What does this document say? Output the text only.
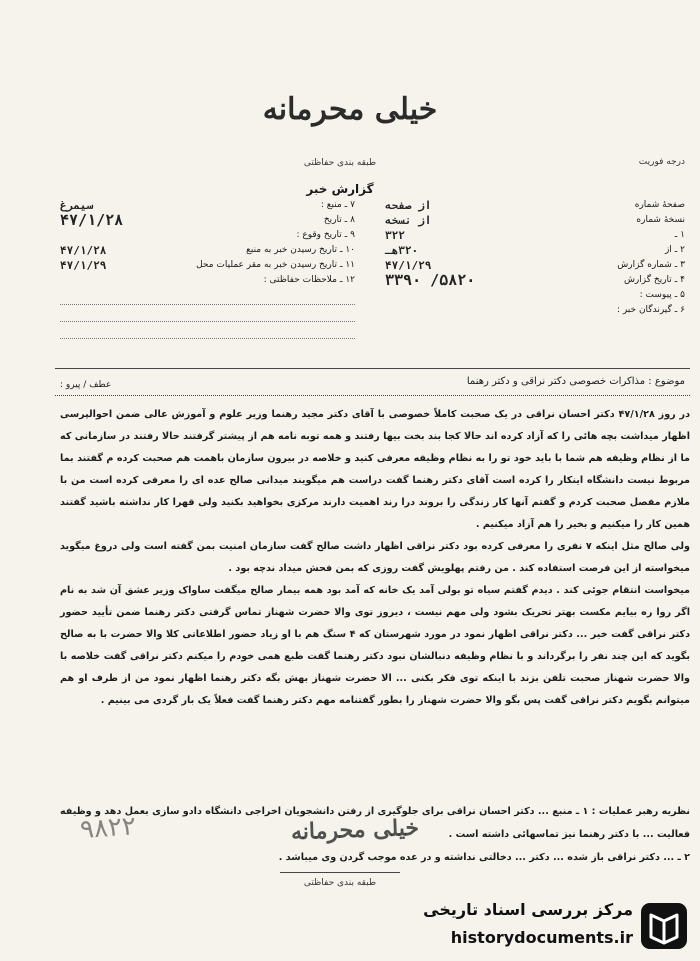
خیلی محرمانه
طبقه بندی حفاظتی
گزارش خبر
درجه فوریت
۷ ـ منبع :
سیمرغ
۸ ـ تاریخ
۴۷/۱/۲۸
۹ ـ تاریخ وقوع :
۱۰ ـ تاریخ رسیدن خبر به منبع
۴۷/۱/۲۸
۱۱ ـ تاریخ رسیدن خبر به مقر عملیات محل
۴۷/۱/۲۹
۱۲ ـ ملاحظات حفاظتی :
صفحهٔ شماره
از صفحه
نسخهٔ شماره
از نسخه
۱ ـ
۳۲۲
۲ ـ از
۳۲۰هـ
۳ ـ شماره گزارش
۴۷/۱/۲۹
۴ ـ تاریخ گزارش
۵۸۲۰/ ۳۳۹۰
۵ ـ پیوست :
۶ ـ گیرندگان خبر :
موضوع : مذاکرات خصوصی دکتر نراقی و دکتر رهنما
عطف / پیرو :

در روز ۴۷/۱/۲۸ دکتر احسان نراقی در یک صحبت کاملاً خصوصی با آقای دکتر مجید رهنما وزیر علوم و آموزش عالی ضمن احوالپرسی اظهار میداشت بچه هائی را که آزاد کرده اند حالا کجا بند بخت بیها رفتند و همه توبه نامه هم از پیشتر گرفتند حالا رفتند در سازمانی که ما از نظام وظیفه هم شما با باید خود تو را به نظام وظیفه معرفی کنید و خلاصه در بیرون سازمان باهمت هم صحبت کرده م گفتند بما مربوط نیست دانشگاه اینکار را کرده است آقای دکتر رهنما گفت دراست هم میگویند میدانی صالح عده ای را معرفی کرده است من با ملازم مفصل صحبت کردم و گفتم آنها کار زندگی را بروند درا رند اهمیت دارند مرکزی بخواهید بکنید ولی قهرا کار نداشته باشید گفتند همین کار را میکنیم و بخیر را هم آزاد میکنیم .

ولی صالح مثل اینکه ۷ نفری را معرفی کرده بود دکتر نراقی اظهار داشت صالح گفت سازمان امنیت بمن گفته است ولی دروغ میگوید میخواسته از این فرصت استفاده کند . من رفتم پهلویش گفت روزی که بمن فحش میداد ندچه بود .

میخواست انتقام جوئی کند . دیدم گفتم سیاه تو بولی آمد یک خانه که آمد بود همه بیمار صالح میگفت ساواک وزیر عشق آن شد به نام اگر روا ره بیایم مکست بهتر تحریک بشود ولی مهم نیست ، دیروز توی والا حضرت شهناز تماس گرفتی دکتر رهنما ضمن تأیید حضور دکتر نراقی گفت خیر ... دکتر نراقی اظهار نمود در مورد شهرستان که ۴ سنگ هم با او زیاد حضور اطلاعاتی کلا والا حضرت با به صالح بگوید که این چند نفر را برگرداند و با نظام وظیفه دنبالشان نبود دکتر رهنما گفت طبع همی خودم را میکنم دکتر نراقی گفت خلاصه با والا حضرت شهناز صحبت تلفن بزند با اینکه توی فکر بکنی ... الا حضرت شهناز بهش بگه دکتر رهنما اظهار نمود من از طرف او هم میتوانم بگویم دکتر نراقی گفت پس بگو والا حضرت شهناز را بطور گفتنامه مهم دکتر رهنما گفت فعلاً یک بار گردی می بینیم .

نظریه رهبر عملیات : ۱ ـ منبع ... دکتر احسان نراقی برای جلوگیری از رفتن دانشجویان اخراجی دانشگاه دادو سازی بعمل دهد و وظیفه فعالیت ... با دکتر رهنما نیز تماسهائی داشته است .

۲ ـ ... دکتر نراقی باز شده ... دکتر ... دخالتی نداشته و در عده موجب گردن وی میباشد .

۹۸۲۲	خیلی محرمانه
طبقه بندی حفاظتی
مرکز بررسی اسناد تاریخی
historydocuments.ir
